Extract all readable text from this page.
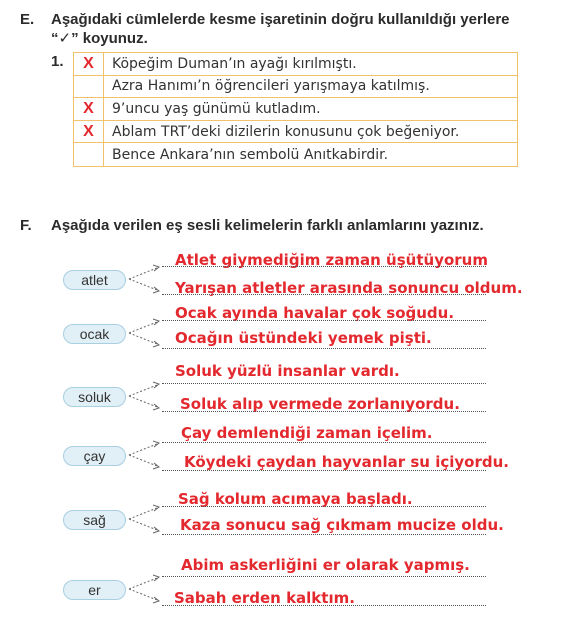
E. Aşağıdaki cümlelerde kesme işaretinin doğru kullanıldığı yerlere
“✓” koyunuz.
1.	X	Köpeğim Duman’ın ayağı kırılmıştı.
Azra Hanımı’n öğrencileri yarışmaya katılmış.
X	9’uncu yaş günümü kutladım.
X	Ablam TRT’deki dizilerin konusunu çok beğeniyor.
Bence Ankara’nın sembolü Anıtkabirdir.
F. Aşağıda verilen eş sesli kelimelerin farklı anlamlarını yazınız.
atlet
Atlet giymediğim zaman üşütüyorum
Yarışan atletler arasında sonuncu oldum.
ocak
Ocak ayında havalar çok soğudu.
Ocağın üstündeki yemek pişti.
soluk
Soluk yüzlü insanlar vardı.
Soluk alıp vermede zorlanıyordu.
çay
Çay demlendiği zaman içelim.
Köydeki çaydan hayvanlar su içiyordu.
sağ
Sağ kolum acımaya başladı.
Kaza sonucu sağ çıkmam mucize oldu.
er
Abim askerliğini er olarak yapmış.
Sabah erden kalktım.
